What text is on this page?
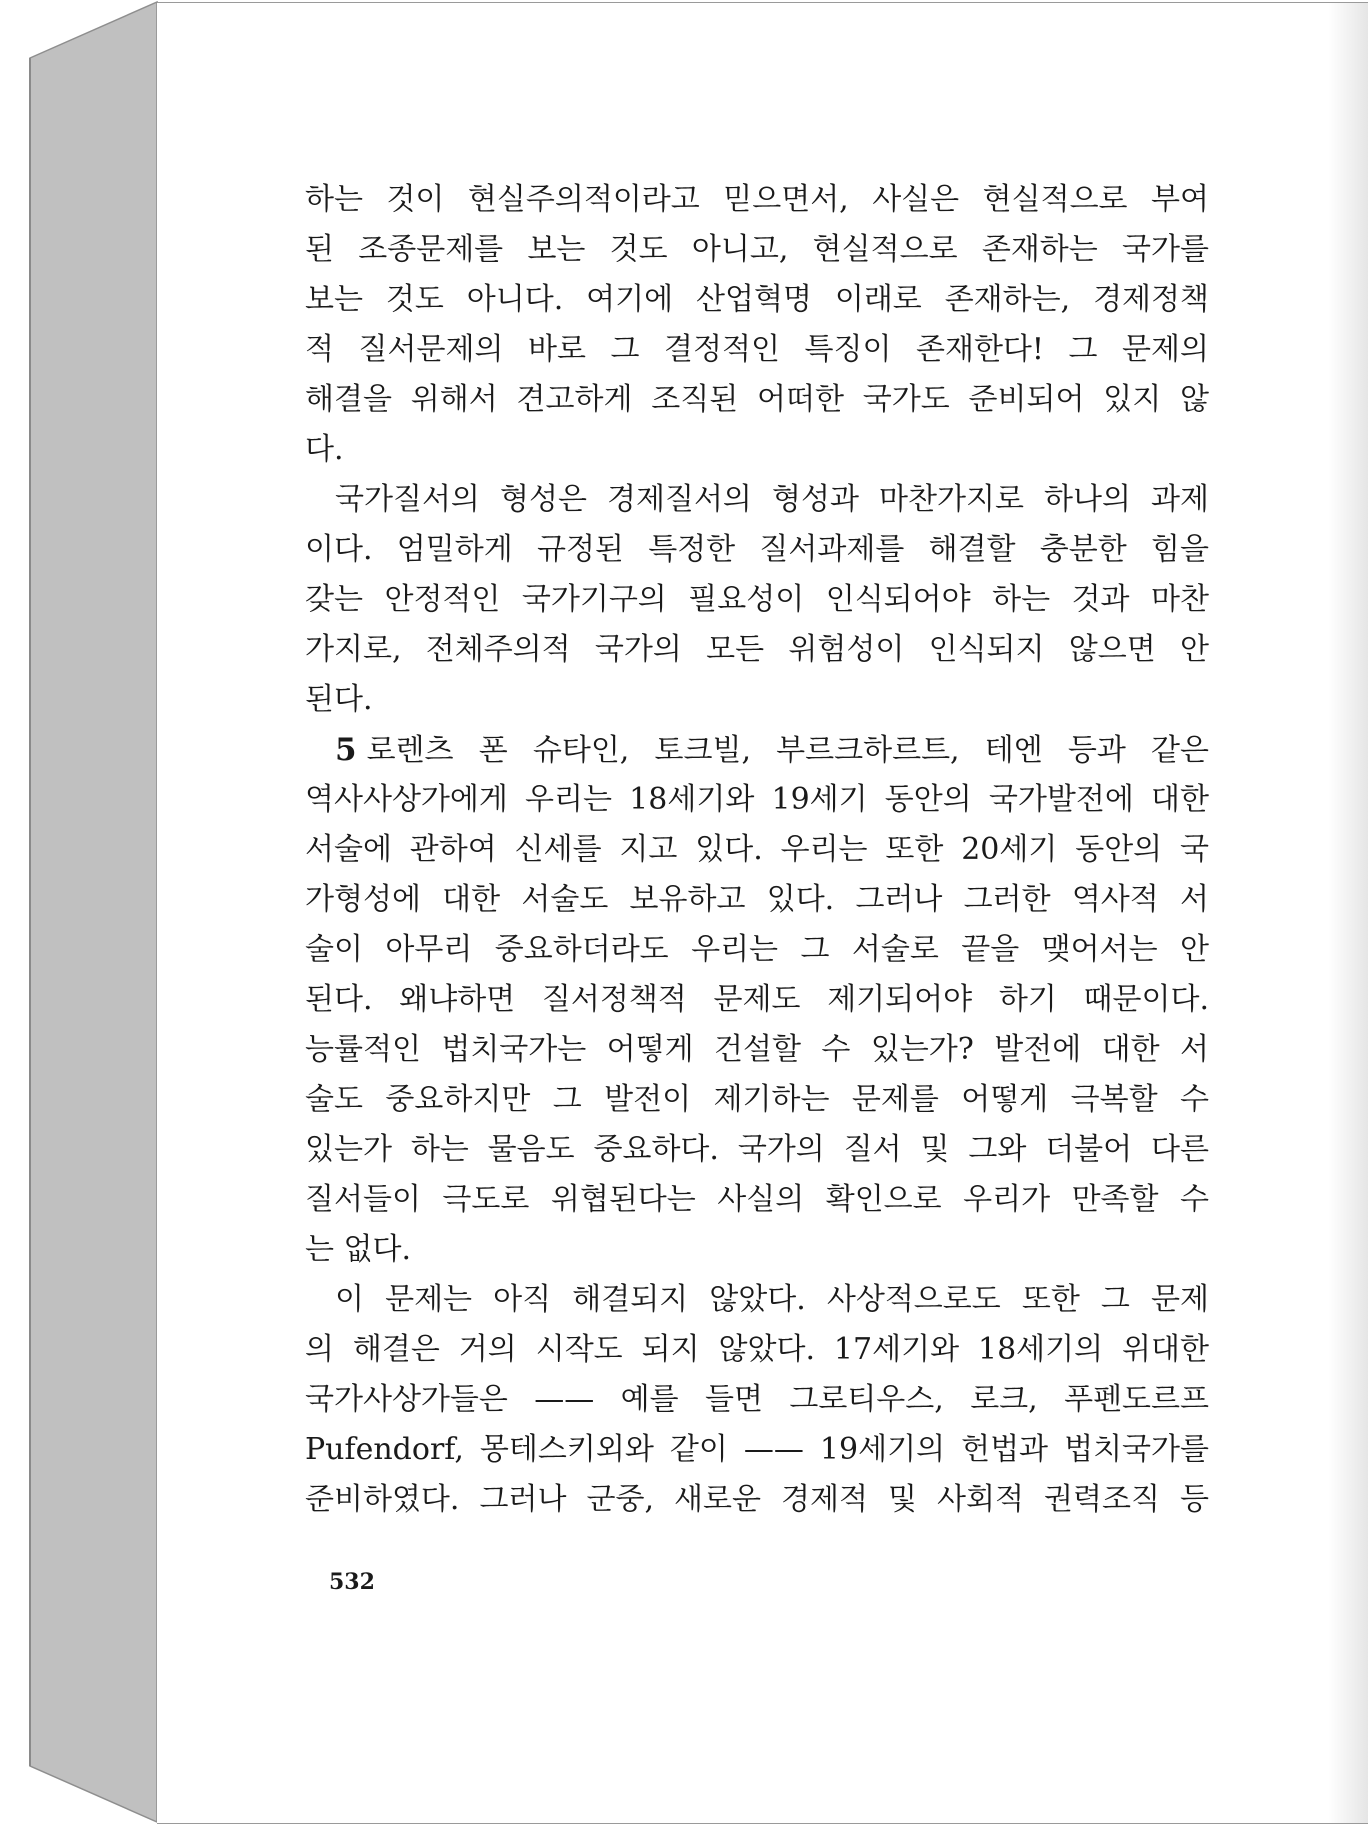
하는 것이 현실주의적이라고 믿으면서, 사실은 현실적으로 부여
된 조종문제를 보는 것도 아니고, 현실적으로 존재하는 국가를
보는 것도 아니다. 여기에 산업혁명 이래로 존재하는, 경제정책
적 질서문제의 바로 그 결정적인 특징이 존재한다! 그 문제의
해결을 위해서 견고하게 조직된 어떠한 국가도 준비되어 있지 않
다.
국가질서의 형성은 경제질서의 형성과 마찬가지로 하나의 과제
이다. 엄밀하게 규정된 특정한 질서과제를 해결할 충분한 힘을
갖는 안정적인 국가기구의 필요성이 인식되어야 하는 것과 마찬
가지로, 전체주의적 국가의 모든 위험성이 인식되지 않으면 안
된다.
5 로렌츠 폰 슈타인, 토크빌, 부르크하르트, 테엔 등과 같은
역사사상가에게 우리는 18세기와 19세기 동안의 국가발전에 대한
서술에 관하여 신세를 지고 있다. 우리는 또한 20세기 동안의 국
가형성에 대한 서술도 보유하고 있다. 그러나 그러한 역사적 서
술이 아무리 중요하더라도 우리는 그 서술로 끝을 맺어서는 안
된다. 왜냐하면 질서정책적 문제도 제기되어야 하기 때문이다.
능률적인 법치국가는 어떻게 건설할 수 있는가? 발전에 대한 서
술도 중요하지만 그 발전이 제기하는 문제를 어떻게 극복할 수
있는가 하는 물음도 중요하다. 국가의 질서 및 그와 더불어 다른
질서들이 극도로 위협된다는 사실의 확인으로 우리가 만족할 수
는 없다.
이 문제는 아직 해결되지 않았다. 사상적으로도 또한 그 문제
의 해결은 거의 시작도 되지 않았다. 17세기와 18세기의 위대한
국가사상가들은 —— 예를 들면 그로티우스, 로크, 푸펜도르프
Pufendorf, 몽테스키외와 같이 —— 19세기의 헌법과 법치국가를
준비하였다. 그러나 군중, 새로운 경제적 및 사회적 권력조직 등
532
